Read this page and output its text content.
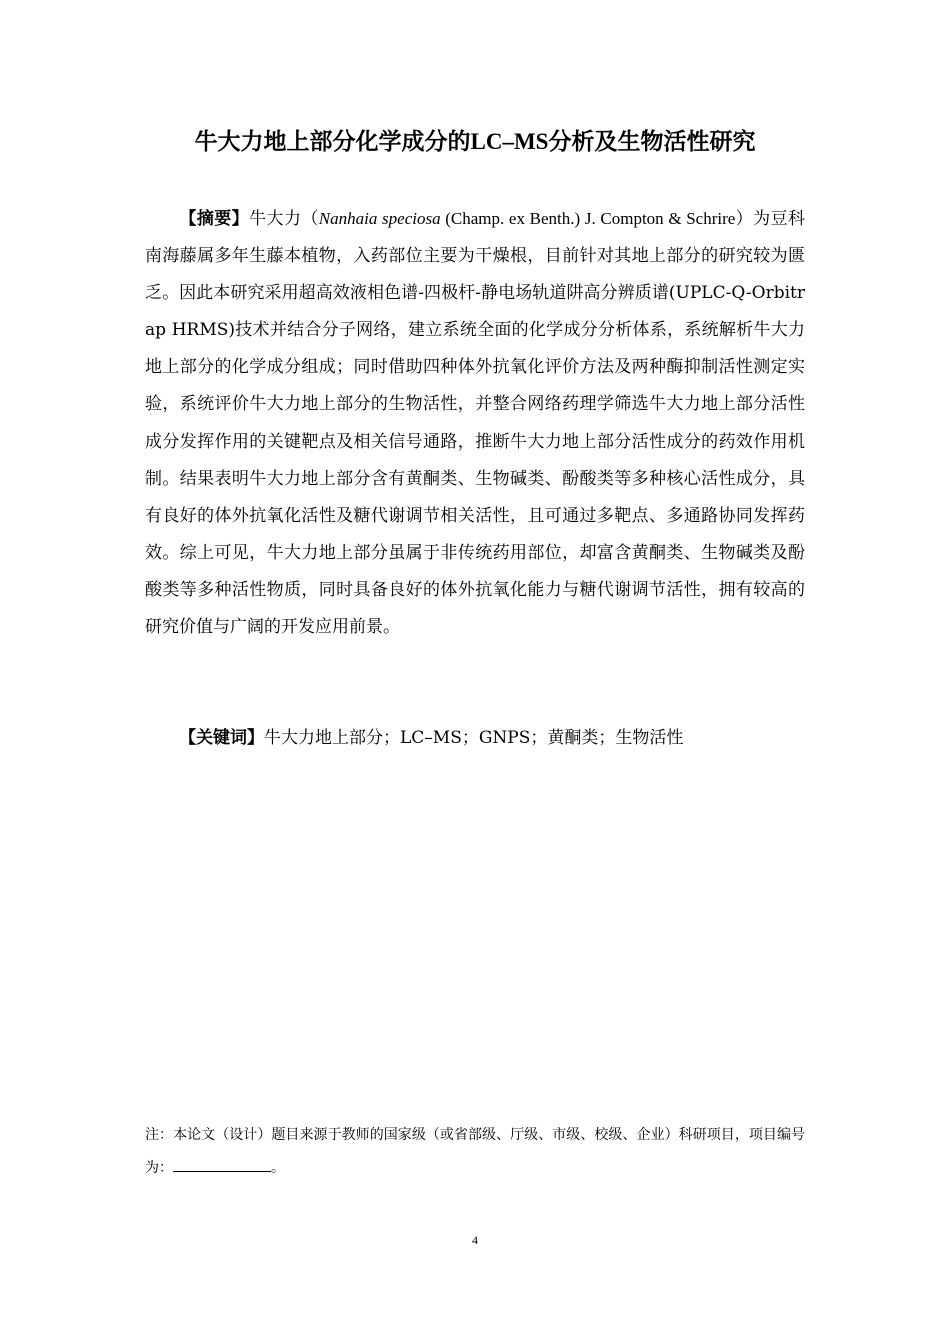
牛大力地上部分化学成分的LC–MS分析及生物活性研究

【摘要】牛大力（Nanhaia speciosa (Champ. ex Benth.) J. Compton & Schrire）为豆科南海藤属多年生藤本植物，入药部位主要为干燥根，目前针对其地上部分的研究较为匮乏。因此本研究采用超高效液相色谱-四极杆-静电场轨道阱高分辨质谱(UPLC-Q-Orbitrap HRMS)技术并结合分子网络，建立系统全面的化学成分分析体系，系统解析牛大力地上部分的化学成分组成；同时借助四种体外抗氧化评价方法及两种酶抑制活性测定实验，系统评价牛大力地上部分的生物活性，并整合网络药理学筛选牛大力地上部分活性成分发挥作用的关键靶点及相关信号通路，推断牛大力地上部分活性成分的药效作用机制。结果表明牛大力地上部分含有黄酮类、生物碱类、酚酸类等多种核心活性成分，具有良好的体外抗氧化活性及糖代谢调节相关活性，且可通过多靶点、多通路协同发挥药效。综上可见，牛大力地上部分虽属于非传统药用部位，却富含黄酮类、生物碱类及酚酸类等多种活性物质，同时具备良好的体外抗氧化能力与糖代谢调节活性，拥有较高的研究价值与广阔的开发应用前景。

【关键词】牛大力地上部分；LC–MS；GNPS；黄酮类；生物活性

注：本论文（设计）题目来源于教师的国家级（或省部级、厅级、市级、校级、企业）科研项目，项目编号为：	。

4
